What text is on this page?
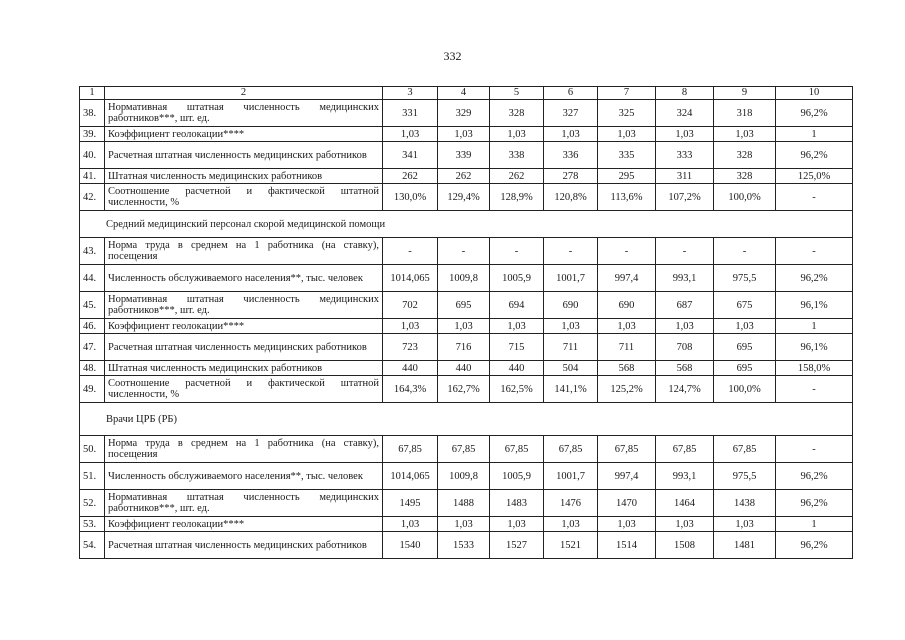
332
1	2	3	4	5	6	7	8	9	10
38.	Нормативная штатная численность медицинских работников***, шт. ед.	331	329	328	327	325	324	318	96,2%
39.	Коэффициент геолокации****	1,03	1,03	1,03	1,03	1,03	1,03	1,03	1
40.	Расчетная штатная численность медицинских работников	341	339	338	336	335	333	328	96,2%
41.	Штатная численность медицинских работников	262	262	262	278	295	311	328	125,0%
42.	Соотношение расчетной и фактической штатной численности, %	130,0%	129,4%	128,9%	120,8%	113,6%	107,2%	100,0%	-
Средний медицинский персонал скорой медицинской помощи									
43.	Норма труда в среднем на 1 работника (на ставку), посещения	-	-	-	-	-	-	-	-
44.	Численность обслуживаемого населения**, тыс. человек	1014,065	1009,8	1005,9	1001,7	997,4	993,1	975,5	96,2%
45.	Нормативная штатная численность медицинских работников***, шт. ед.	702	695	694	690	690	687	675	96,1%
46.	Коэффициент геолокации****	1,03	1,03	1,03	1,03	1,03	1,03	1,03	1
47.	Расчетная штатная численность медицинских работников	723	716	715	711	711	708	695	96,1%
48.	Штатная численность медицинских работников	440	440	440	504	568	568	695	158,0%
49.	Соотношение расчетной и фактической штатной численности, %	164,3%	162,7%	162,5%	141,1%	125,2%	124,7%	100,0%	-
Врачи ЦРБ (РБ)									
50.	Норма труда в среднем на 1 работника (на ставку), посещения	67,85	67,85	67,85	67,85	67,85	67,85	67,85	-
51.	Численность обслуживаемого населения**, тыс. человек	1014,065	1009,8	1005,9	1001,7	997,4	993,1	975,5	96,2%
52.	Нормативная штатная численность медицинских работников***, шт. ед.	1495	1488	1483	1476	1470	1464	1438	96,2%
53.	Коэффициент геолокации****	1,03	1,03	1,03	1,03	1,03	1,03	1,03	1
54.	Расчетная штатная численность медицинских работников	1540	1533	1527	1521	1514	1508	1481	96,2%
